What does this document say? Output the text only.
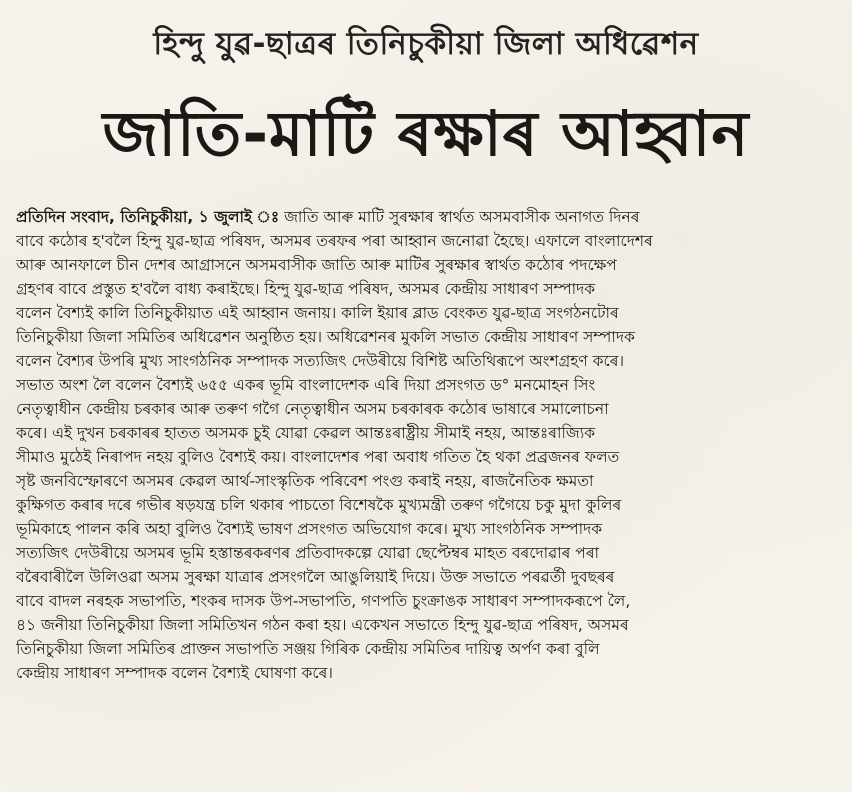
হিন্দু যুৱ-ছাত্ৰৰ তিনিচুকীয়া জিলা অধিৱেশন
জাতি-মাটি ৰক্ষাৰ আহ্বান
প্ৰতিদিন সংবাদ, তিনিচুকীয়া, ১ জুলাই ঃ জাতি আৰু মাটি সুৰক্ষাৰ স্বাৰ্থত অসমবাসীক অনাগত দিনৰ
বাবে কঠোৰ হ'বলৈ হিন্দু যুৱ-ছাত্ৰ পৰিষদ, অসমৰ তৰফৰ পৰা আহ্বান জনোৱা হৈছে। এফালে বাংলাদেশৰ
আৰু আনফালে চীন দেশৰ আগ্ৰাসনে অসমবাসীক জাতি আৰু মাটিৰ সুৰক্ষাৰ স্বাৰ্থত কঠোৰ পদক্ষেপ
গ্ৰহণৰ বাবে প্ৰস্তুত হ'বলৈ বাধ্য কৰাইছে। হিন্দু যুৱ-ছাত্ৰ পৰিষদ, অসমৰ কেন্দ্ৰীয় সাধাৰণ সম্পাদক
বলেন বৈশ্যই কালি তিনিচুকীয়াত এই আহ্বান জনায়। কালি ইয়াৰ ব্লাড বেংকত যুৱ-ছাত্ৰ সংগঠনটোৰ
তিনিচুকীয়া জিলা সমিতিৰ অধিৱেশন অনুষ্ঠিত হয়। অধিৱেশনৰ মুকলি সভাত কেন্দ্ৰীয় সাধাৰণ সম্পাদক
বলেন বৈশ্যৰ উপৰি মুখ্য সাংগঠনিক সম্পাদক সত্যজিৎ দেউৰীয়ে বিশিষ্ট অতিথিৰূপে অংশগ্ৰহণ কৰে।
সভাত অংশ লৈ বলেন বৈশ্যই ৬৫৫ একৰ ভূমি বাংলাদেশক এৰি দিয়া প্ৰসংগত ড° মনমোহন সিং
নেতৃত্বাধীন কেন্দ্ৰীয় চৰকাৰ আৰু তৰুণ গগৈ নেতৃত্বাধীন অসম চৰকাৰক কঠোৰ ভাষাৰে সমালোচনা
কৰে। এই দুখন চৰকাৰৰ হাতত অসমক চুই যোৱা কেৱল আন্তঃৰাষ্ট্ৰীয় সীমাই নহয়, আন্তঃৰাজ্যিক
সীমাও মুঠেই নিৰাপদ নহয় বুলিও বৈশ্যই কয়। বাংলাদেশৰ পৰা অবাধ গতিত হৈ থকা প্ৰব্ৰজনৰ ফলত
সৃষ্ট জনবিস্ফোৰণে অসমৰ কেৱল আৰ্থ-সাংস্কৃতিক পৰিবেশ পংগু কৰাই নহয়, ৰাজনৈতিক ক্ষমতা
কুক্ষিগত কৰাৰ দৰে গভীৰ ষড়যন্ত্ৰ চলি থকাৰ পাচতো বিশেষকৈ মুখ্যমন্ত্ৰী তৰুণ গগৈয়ে চকু মুদা কুলিৰ
ভূমিকাহে পালন কৰি অহা বুলিও বৈশ্যই ভাষণ প্ৰসংগত অভিযোগ কৰে। মুখ্য সাংগঠনিক সম্পাদক
সত্যজিৎ দেউৰীয়ে অসমৰ ভূমি হস্তান্তৰকৰণৰ প্ৰতিবাদকল্পে যোৱা ছেপ্টেম্বৰ মাহত বৰদোৱাৰ পৰা
বৰৈবাৰীলৈ উলিওৱা অসম সুৰক্ষা যাত্ৰাৰ প্ৰসংগলৈ আঙুলিয়াই দিয়ে। উক্ত সভাতে পৰৱৰ্তী দুবছৰৰ
বাবে বাদল নৰহক সভাপতি, শংকৰ দাসক উপ-সভাপতি, গণপতি চুংক্ৰাঙক সাধাৰণ সম্পাদকৰূপে লৈ,
৪১ জনীয়া তিনিচুকীয়া জিলা সমিতিখন গঠন কৰা হয়। একেখন সভাতে হিন্দু যুৱ-ছাত্ৰ পৰিষদ, অসমৰ
তিনিচুকীয়া জিলা সমিতিৰ প্ৰাক্তন সভাপতি সঞ্জয় গিৰিক কেন্দ্ৰীয় সমিতিৰ দায়িত্ব অৰ্পণ কৰা বুলি
কেন্দ্ৰীয় সাধাৰণ সম্পাদক বলেন বৈশ্যই ঘোষণা কৰে।
